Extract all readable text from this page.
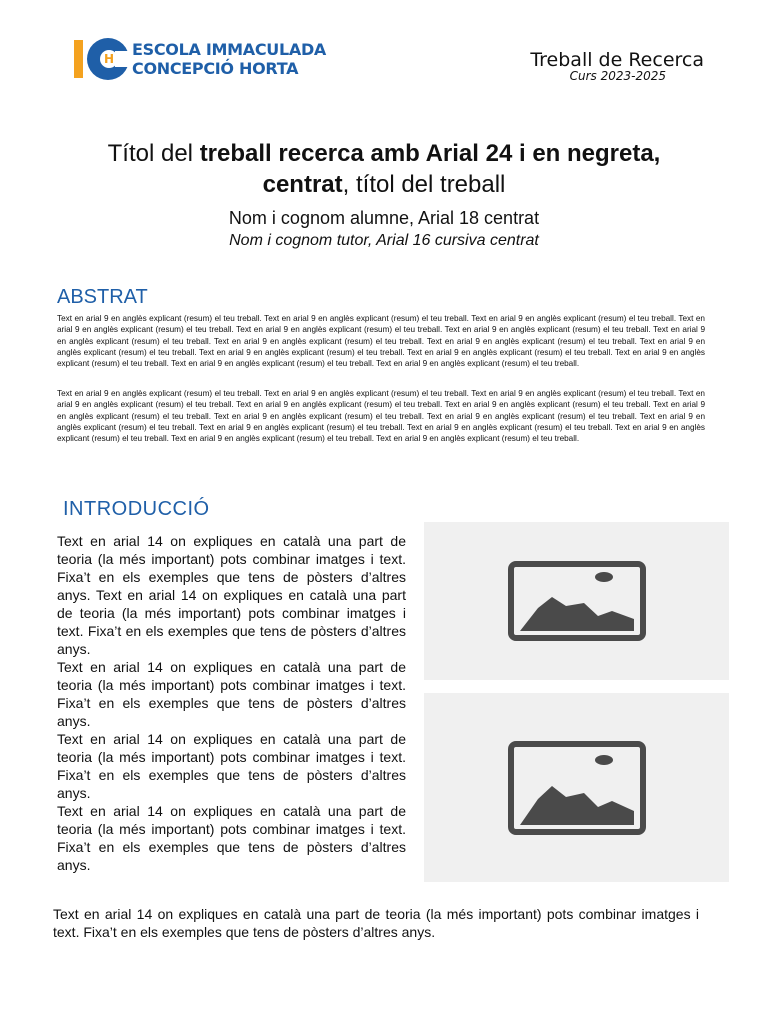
H ESCOLA IMMACULADA
CONCEPCIÓ HORTA	Treball de Recerca
Curs 2023-2025
Títol del treball recerca amb Arial 24 i en negreta,
centrat, títol del treball
Nom i cognom alumne, Arial 18 centrat
Nom i cognom tutor, Arial 16 cursiva centrat
ABSTRAT
Text en arial 9 en anglès explicant (resum) el teu treball. Text en arial 9 en anglès explicant (resum) el teu treball. Text en arial 9 en anglès explicant (resum) el teu treball. Text en arial 9 en anglès explicant (resum) el teu treball. Text en arial 9 en anglès explicant (resum) el teu treball. Text en arial 9 en anglès explicant (resum) el teu treball. Text en arial 9 en anglès explicant (resum) el teu treball. Text en arial 9 en anglès explicant (resum) el teu treball. Text en arial 9 en anglès explicant (resum) el teu treball. Text en arial 9 en anglès explicant (resum) el teu treball. Text en arial 9 en anglès explicant (resum) el teu treball. Text en arial 9 en anglès explicant (resum) el teu treball. Text en arial 9 en anglès explicant (resum) el teu treball. Text en arial 9 en anglès explicant (resum) el teu treball. Text en arial 9 en anglès explicant (resum) el teu treball.
Text en arial 9 en anglès explicant (resum) el teu treball. Text en arial 9 en anglès explicant (resum) el teu treball. Text en arial 9 en anglès explicant (resum) el teu treball. Text en arial 9 en anglès explicant (resum) el teu treball. Text en arial 9 en anglès explicant (resum) el teu treball. Text en arial 9 en anglès explicant (resum) el teu treball. Text en arial 9 en anglès explicant (resum) el teu treball. Text en arial 9 en anglès explicant (resum) el teu treball. Text en arial 9 en anglès explicant (resum) el teu treball. Text en arial 9 en anglès explicant (resum) el teu treball. Text en arial 9 en anglès explicant (resum) el teu treball. Text en arial 9 en anglès explicant (resum) el teu treball. Text en arial 9 en anglès explicant (resum) el teu treball. Text en arial 9 en anglès explicant (resum) el teu treball. Text en arial 9 en anglès explicant (resum) el teu treball.
INTRODUCCIÓ

Text en arial 14 on expliques en català una part de teoria (la més important) pots combinar imatges i text. Fixa’t en els exemples que tens de pòsters d’altres anys. Text en arial 14 on expliques en català una part de teoria (la més important) pots combinar imatges i text. Fixa’t en els exemples que tens de pòsters d’altres anys.

Text en arial 14 on expliques en català una part de teoria (la més important) pots combinar imatges i text. Fixa’t en els exemples que tens de pòsters d’altres anys.

Text en arial 14 on expliques en català una part de teoria (la més important) pots combinar imatges i text. Fixa’t en els exemples que tens de pòsters d’altres anys.

Text en arial 14 on expliques en català una part de teoria (la més important) pots combinar imatges i text. Fixa’t en els exemples que tens de pòsters d’altres anys.

Text en arial 14 on expliques en català una part de teoria (la més important) pots combinar imatges i text. Fixa’t en els exemples que tens de pòsters d’altres anys.
